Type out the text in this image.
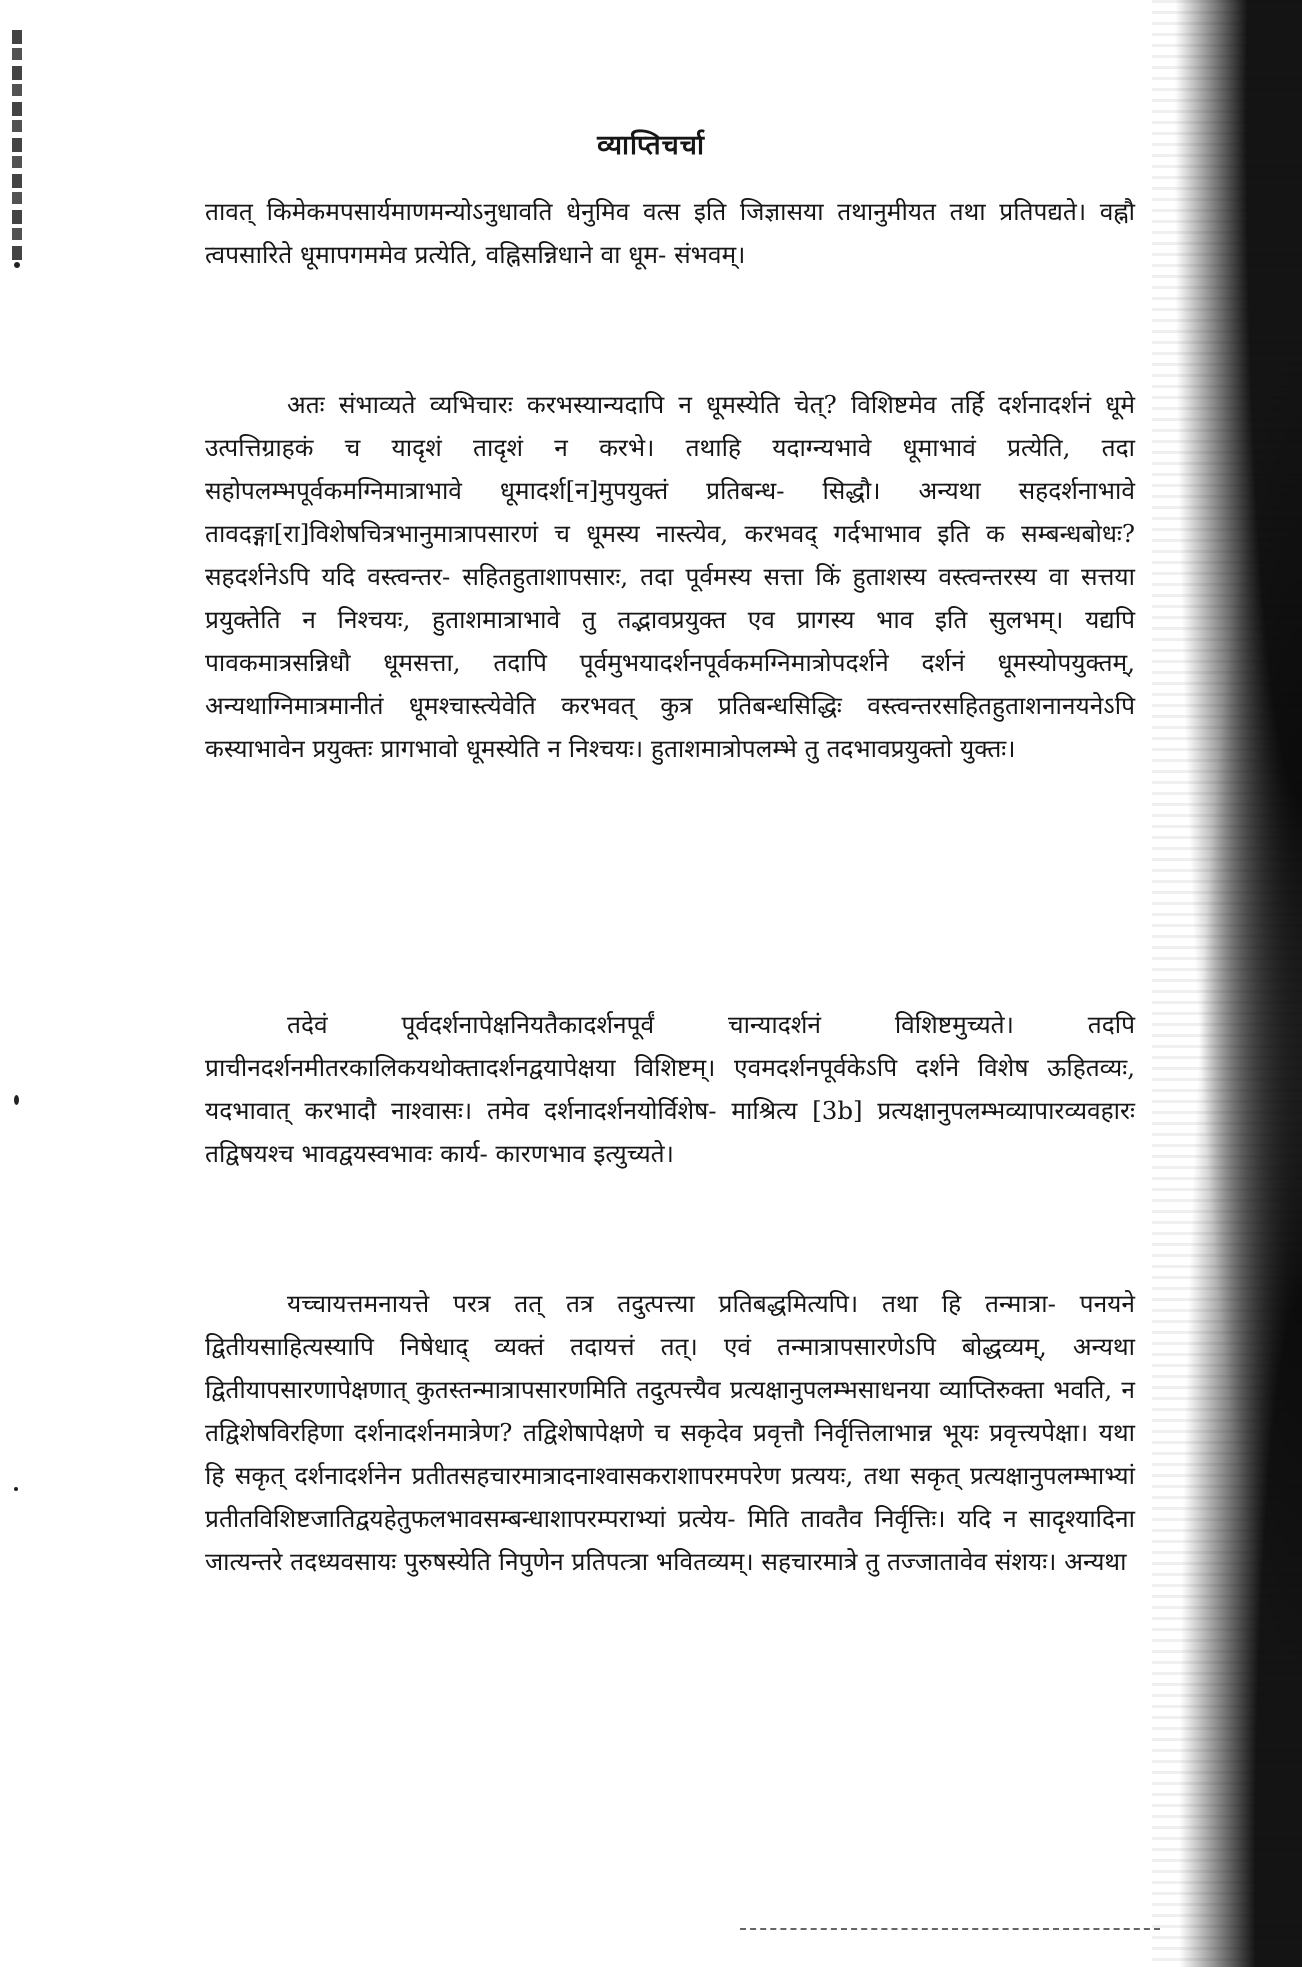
व्याप्तिचर्चा
तावत् किमेकमपसार्यमाणमन्योऽनुधावति धेनुमिव वत्स इति जिज्ञासया तथानुमीयत तथा प्रतिपद्यते। वह्नौ त्वपसारिते धूमापगममेव प्रत्येति, वह्निसन्निधाने वा धूम- संभवम्।
अतः संभाव्यते व्यभिचारः करभस्यान्यदापि न धूमस्येति चेत्? विशिष्टमेव तर्हि दर्शनादर्शनं धूमे उत्पत्तिग्राहकं च यादृशं तादृशं न करभे। तथाहि यदाग्न्यभावे धूमाभावं प्रत्येति, तदा सहोपलम्भपूर्वकमग्निमात्राभावे धूमादर्श[न]मुपयुक्तं प्रतिबन्ध- सिद्धौ। अन्यथा सहदर्शनाभावे तावदङ्गा[रा]विशेषचित्रभानुमात्रापसारणं च धूमस्य नास्त्येव, करभवद् गर्दभाभाव इति क सम्बन्धबोधः? सहदर्शनेऽपि यदि वस्त्वन्तर- सहितहुताशापसारः, तदा पूर्वमस्य सत्ता किं हुताशस्य वस्त्वन्तरस्य वा सत्तया प्रयुक्तेति न निश्चयः, हुताशमात्राभावे तु तद्भावप्रयुक्त एव प्रागस्य भाव इति सुलभम्। यद्यपि पावकमात्रसन्निधौ धूमसत्ता, तदापि पूर्वमुभयादर्शनपूर्वकमग्निमात्रोपदर्शने दर्शनं धूमस्योपयुक्तम्, अन्यथाग्निमात्रमानीतं धूमश्चास्त्येवेति करभवत् कुत्र प्रतिबन्धसिद्धिः वस्त्वन्तरसहितहुताशनानयनेऽपि कस्याभावेन प्रयुक्तः प्रागभावो धूमस्येति न निश्चयः। हुताशमात्रोपलम्भे तु तदभावप्रयुक्तो युक्तः।
तदेवं पूर्वदर्शनापेक्षनियतैकादर्शनपूर्वं चान्यादर्शनं विशिष्टमुच्यते। तदपि प्राचीनदर्शनमीतरकालिकयथोक्तादर्शनद्वयापेक्षया विशिष्टम्। एवमदर्शनपूर्वकेऽपि दर्शने विशेष ऊहितव्यः, यदभावात् करभादौ नाश्वासः। तमेव दर्शनादर्शनयोर्विशेष- माश्रित्य [3b] प्रत्यक्षानुपलम्भव्यापारव्यवहारः तद्विषयश्च भावद्वयस्वभावः कार्य- कारणभाव इत्युच्यते।
यच्चायत्तमनायत्ते परत्र तत् तत्र तदुत्पत्त्या प्रतिबद्धमित्यपि। तथा हि तन्मात्रा- पनयने द्वितीयसाहित्यस्यापि निषेधाद् व्यक्तं तदायत्तं तत्। एवं तन्मात्रापसारणेऽपि बोद्धव्यम्, अन्यथा द्वितीयापसारणापेक्षणात् कुतस्तन्मात्रापसारणमिति तदुत्पत्त्यैव प्रत्यक्षानुपलम्भसाधनया व्याप्तिरुक्ता भवति, न तद्विशेषविरहिणा दर्शनादर्शनमात्रेण? तद्विशेषापेक्षणे च सकृदेव प्रवृत्तौ निर्वृत्तिलाभान्न भूयः प्रवृत्त्यपेक्षा। यथा हि सकृत् दर्शनादर्शनेन प्रतीतसहचारमात्रादनाश्वासकराशापरमपरेण प्रत्ययः, तथा सकृत् प्रत्यक्षानुपलम्भाभ्यां प्रतीतविशिष्टजातिद्वयहेतुफलभावसम्बन्धाशापरम्पराभ्यां प्रत्येय- मिति तावतैव निर्वृत्तिः। यदि न सादृश्यादिना जात्यन्तरे तदध्यवसायः पुरुषस्येति निपुणेन प्रतिपत्त्रा भवितव्यम्। सहचारमात्रे तु तज्जातावेव संशयः। अन्यथा
